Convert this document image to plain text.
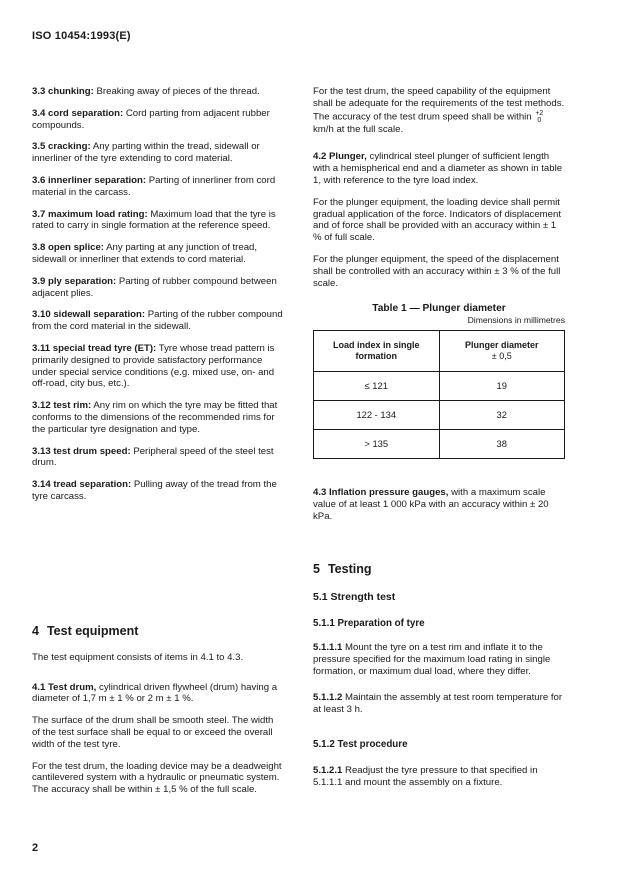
ISO 10454:1993(E)

3.3 chunking: Breaking away of pieces of the thread.

3.4 cord separation: Cord parting from adjacent rubber compounds.

3.5 cracking: Any parting within the tread, sidewall or innerliner of the tyre extending to cord material.

3.6 innerliner separation: Parting of innerliner from cord material in the carcass.

3.7 maximum load rating: Maximum load that the tyre is rated to carry in single formation at the reference speed.

3.8 open splice: Any parting at any junction of tread, sidewall or innerliner that extends to cord material.

3.9 ply separation: Parting of rubber compound between adjacent plies.

3.10 sidewall separation: Parting of the rubber compound from the cord material in the sidewall.

3.11 special tread tyre (ET): Tyre whose tread pattern is primarily designed to provide satisfactory performance under special service conditions (e.g. mixed use, on- and off-road, city bus, etc.).

3.12 test rim: Any rim on which the tyre may be fitted that conforms to the dimensions of the recommended rims for the particular tyre designation and type.

3.13 test drum speed: Peripheral speed of the steel test drum.

3.14 tread separation: Pulling away of the tread from the tyre carcass.

4 Test equipment

The test equipment consists of items in 4.1 to 4.3.

4.1 Test drum, cylindrical driven flywheel (drum) having a diameter of 1,7 m ± 1 % or 2 m ± 1 %.

The surface of the drum shall be smooth steel. The width of the test surface shall be equal to or exceed the overall width of the test tyre.

For the test drum, the loading device may be a deadweight cantilevered system with a hydraulic or pneumatic system. The accuracy shall be within ± 1,5 % of the full scale.

For the test drum, the speed capability of the equipment shall be adequate for the requirements of the test methods. The accuracy of the test drum speed shall be within +2
0
km/h at the full scale.

4.2 Plunger, cylindrical steel plunger of sufficient length with a hemispherical end and a diameter as shown in table 1, with reference to the tyre load index.

For the plunger equipment, the loading device shall permit gradual application of the force. Indicators of displacement and of force shall be provided with an accuracy within ± 1 % of full scale.

For the plunger equipment, the speed of the displacement shall be controlled with an accuracy within ± 3 % of the full scale.

Table 1 — Plunger diameter

Dimensions in millimetres

Load index in single formation	Plunger diameter
± 0,5
≤ 121	19
122 - 134	32
> 135	38

4.3 Inflation pressure gauges, with a maximum scale value of at least 1 000 kPa with an accuracy within ± 20 kPa.

5 Testing

5.1 Strength test

5.1.1 Preparation of tyre

5.1.1.1 Mount the tyre on a test rim and inflate it to the pressure specified for the maximum load rating in single formation, or maximum dual load, where they differ.

5.1.1.2 Maintain the assembly at test room temperature for at least 3 h.

5.1.2 Test procedure

5.1.2.1 Readjust the tyre pressure to that specified in 5.1.1.1 and mount the assembly on a fixture.

2
